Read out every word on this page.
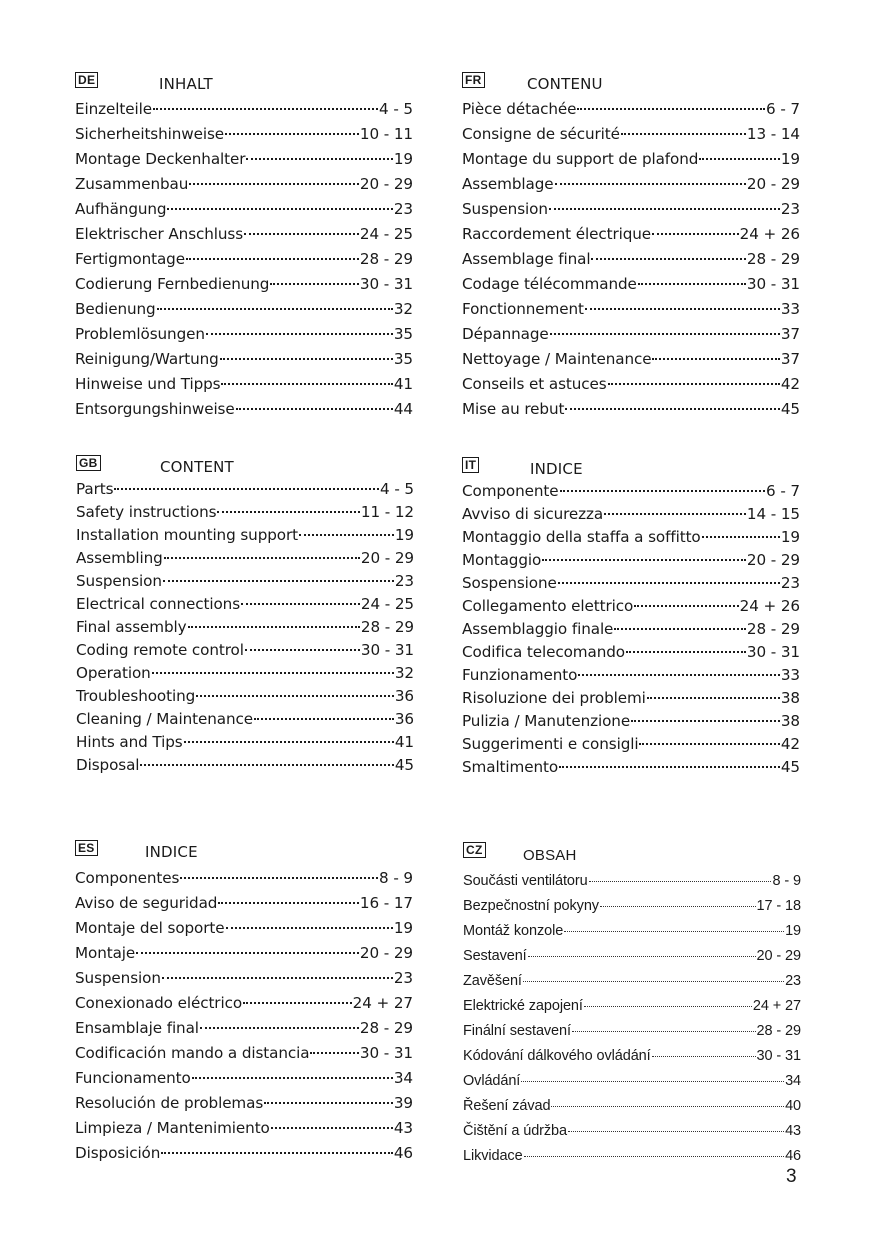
DE	INHALT
Einzelteile	4 - 5
Sicherheitshinweise	10 - 11
Montage Deckenhalter	19
Zusammenbau	20 - 29
Aufhängung	23
Elektrischer Anschluss	24 - 25
Fertigmontage	28 - 29
Codierung Fernbedienung	30 - 31
Bedienung	32
Problemlösungen	35
Reinigung/Wartung	35
Hinweise und Tipps	41
Entsorgungshinweise	44
FR	CONTENU
Pièce détachée	6 - 7
Consigne de sécurité	13 - 14
Montage du support de plafond	19
Assemblage	20 - 29
Suspension	23
Raccordement électrique	24 + 26
Assemblage final	28 - 29
Codage télécommande	30 - 31
Fonctionnement	33
Dépannage	37
Nettoyage / Maintenance	37
Conseils et astuces	42
Mise au rebut	45
GB	CONTENT
Parts	4 - 5
Safety instructions	11 - 12
Installation mounting support	19
Assembling	20 - 29
Suspension	23
Electrical connections	24 - 25
Final assembly	28 - 29
Coding remote control	30 - 31
Operation	32
Troubleshooting	36
Cleaning / Maintenance	36
Hints and Tips	41
Disposal	45
IT	INDICE
Componente	6 - 7
Avviso di sicurezza	14 - 15
Montaggio della staffa a soffitto	19
Montaggio	20 - 29
Sospensione	23
Collegamento elettrico	24 + 26
Assemblaggio finale	28 - 29
Codifica telecomando	30 - 31
Funzionamento	33
Risoluzione dei problemi	38
Pulizia / Manutenzione	38
Suggerimenti e consigli	42
Smaltimento	45
ES	INDICE
Componentes	8 - 9
Aviso de seguridad	16 - 17
Montaje del soporte	19
Montaje	20 - 29
Suspension	23
Conexionado eléctrico	24 + 27
Ensamblaje final	28 - 29
Codificación mando a distancia	30 - 31
Funcionamento	34
Resolución de problemas	39
Limpieza / Mantenimiento	43
Disposición	46
CZ	OBSAH
Součásti ventilátoru	8 - 9
Bezpečnostní pokyny	17 - 18
Montáž konzole	19
Sestavení	20 - 29
Zavěšení	23
Elektrické zapojení	24 + 27
Finální sestavení	28 - 29
Kódování dálkového ovládání	30 - 31
Ovládání	34
Řešení závad	40
Čištění a údržba	43
Likvidace	46
3
